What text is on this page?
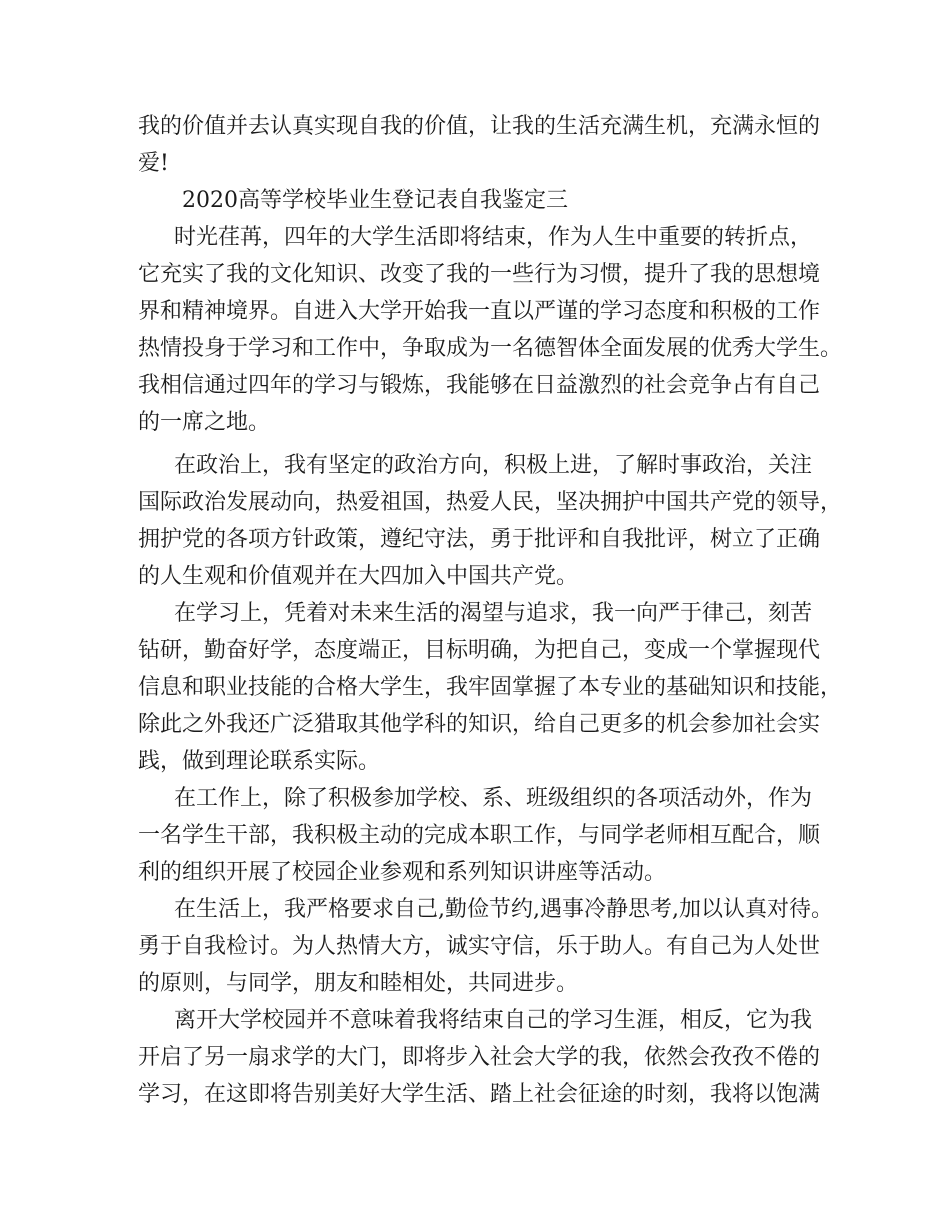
我的价值并去认真实现自我的价值，让我的生活充满生机，充满永恒的
爱!
2020高等学校毕业生登记表自我鉴定三
时光荏苒，四年的大学生活即将结束，作为人生中重要的转折点，
它充实了我的文化知识、改变了我的一些行为习惯，提升了我的思想境
界和精神境界。自进入大学开始我一直以严谨的学习态度和积极的工作
热情投身于学习和工作中，争取成为一名德智体全面发展的优秀大学生。
我相信通过四年的学习与锻炼，我能够在日益激烈的社会竞争占有自己
的一席之地。
在政治上，我有坚定的政治方向，积极上进，了解时事政治，关注
国际政治发展动向，热爱祖国，热爱人民，坚决拥护中国共产党的领导，
拥护党的各项方针政策，遵纪守法，勇于批评和自我批评，树立了正确
的人生观和价值观并在大四加入中国共产党。
在学习上，凭着对未来生活的渴望与追求，我一向严于律己，刻苦
钻研，勤奋好学，态度端正，目标明确，为把自己，变成一个掌握现代
信息和职业技能的合格大学生，我牢固掌握了本专业的基础知识和技能，
除此之外我还广泛猎取其他学科的知识，给自己更多的机会参加社会实
践，做到理论联系实际。
在工作上，除了积极参加学校、系、班级组织的各项活动外，作为
一名学生干部，我积极主动的完成本职工作，与同学老师相互配合，顺
利的组织开展了校园企业参观和系列知识讲座等活动。
在生活上，我严格要求自己,勤俭节约,遇事冷静思考,加以认真对待。
勇于自我检讨。为人热情大方，诚实守信，乐于助人。有自己为人处世
的原则，与同学，朋友和睦相处，共同进步。
离开大学校园并不意味着我将结束自己的学习生涯，相反，它为我
开启了另一扇求学的大门，即将步入社会大学的我，依然会孜孜不倦的
学习，在这即将告别美好大学生活、踏上社会征途的时刻，我将以饱满
